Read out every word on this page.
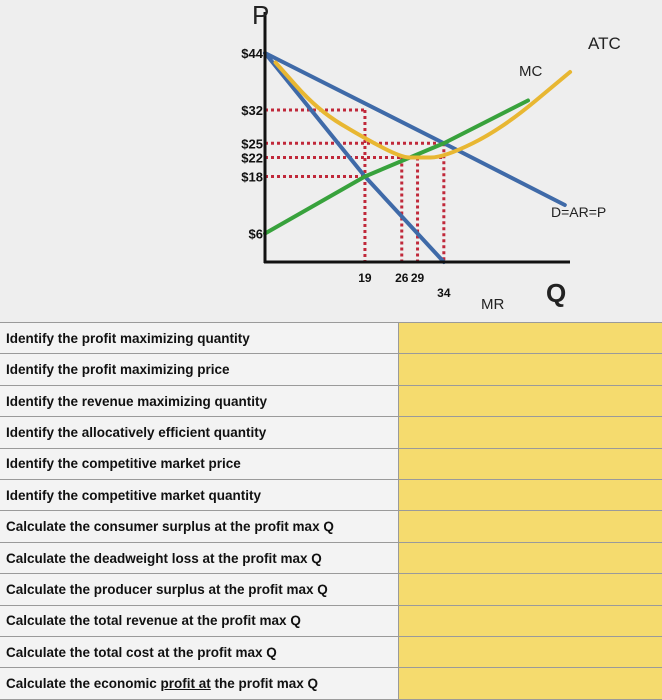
P
Q
$44
$32
$25
$22
$18
$6
19 26 29
34
D=AR=P
MR
MC
ATC
Identify the profit maximizing quantity	
Identify the profit maximizing price	
Identify the revenue maximizing quantity	
Identify the allocatively efficient quantity	
Identify the competitive market price	
Identify the competitive market quantity	
Calculate the consumer surplus at the profit max Q	
Calculate the deadweight loss at the profit max Q	
Calculate the producer surplus at the profit max Q	
Calculate the total revenue at the profit max Q	
Calculate the total cost at the profit max Q	
Calculate the economic profit at the profit max Q	
